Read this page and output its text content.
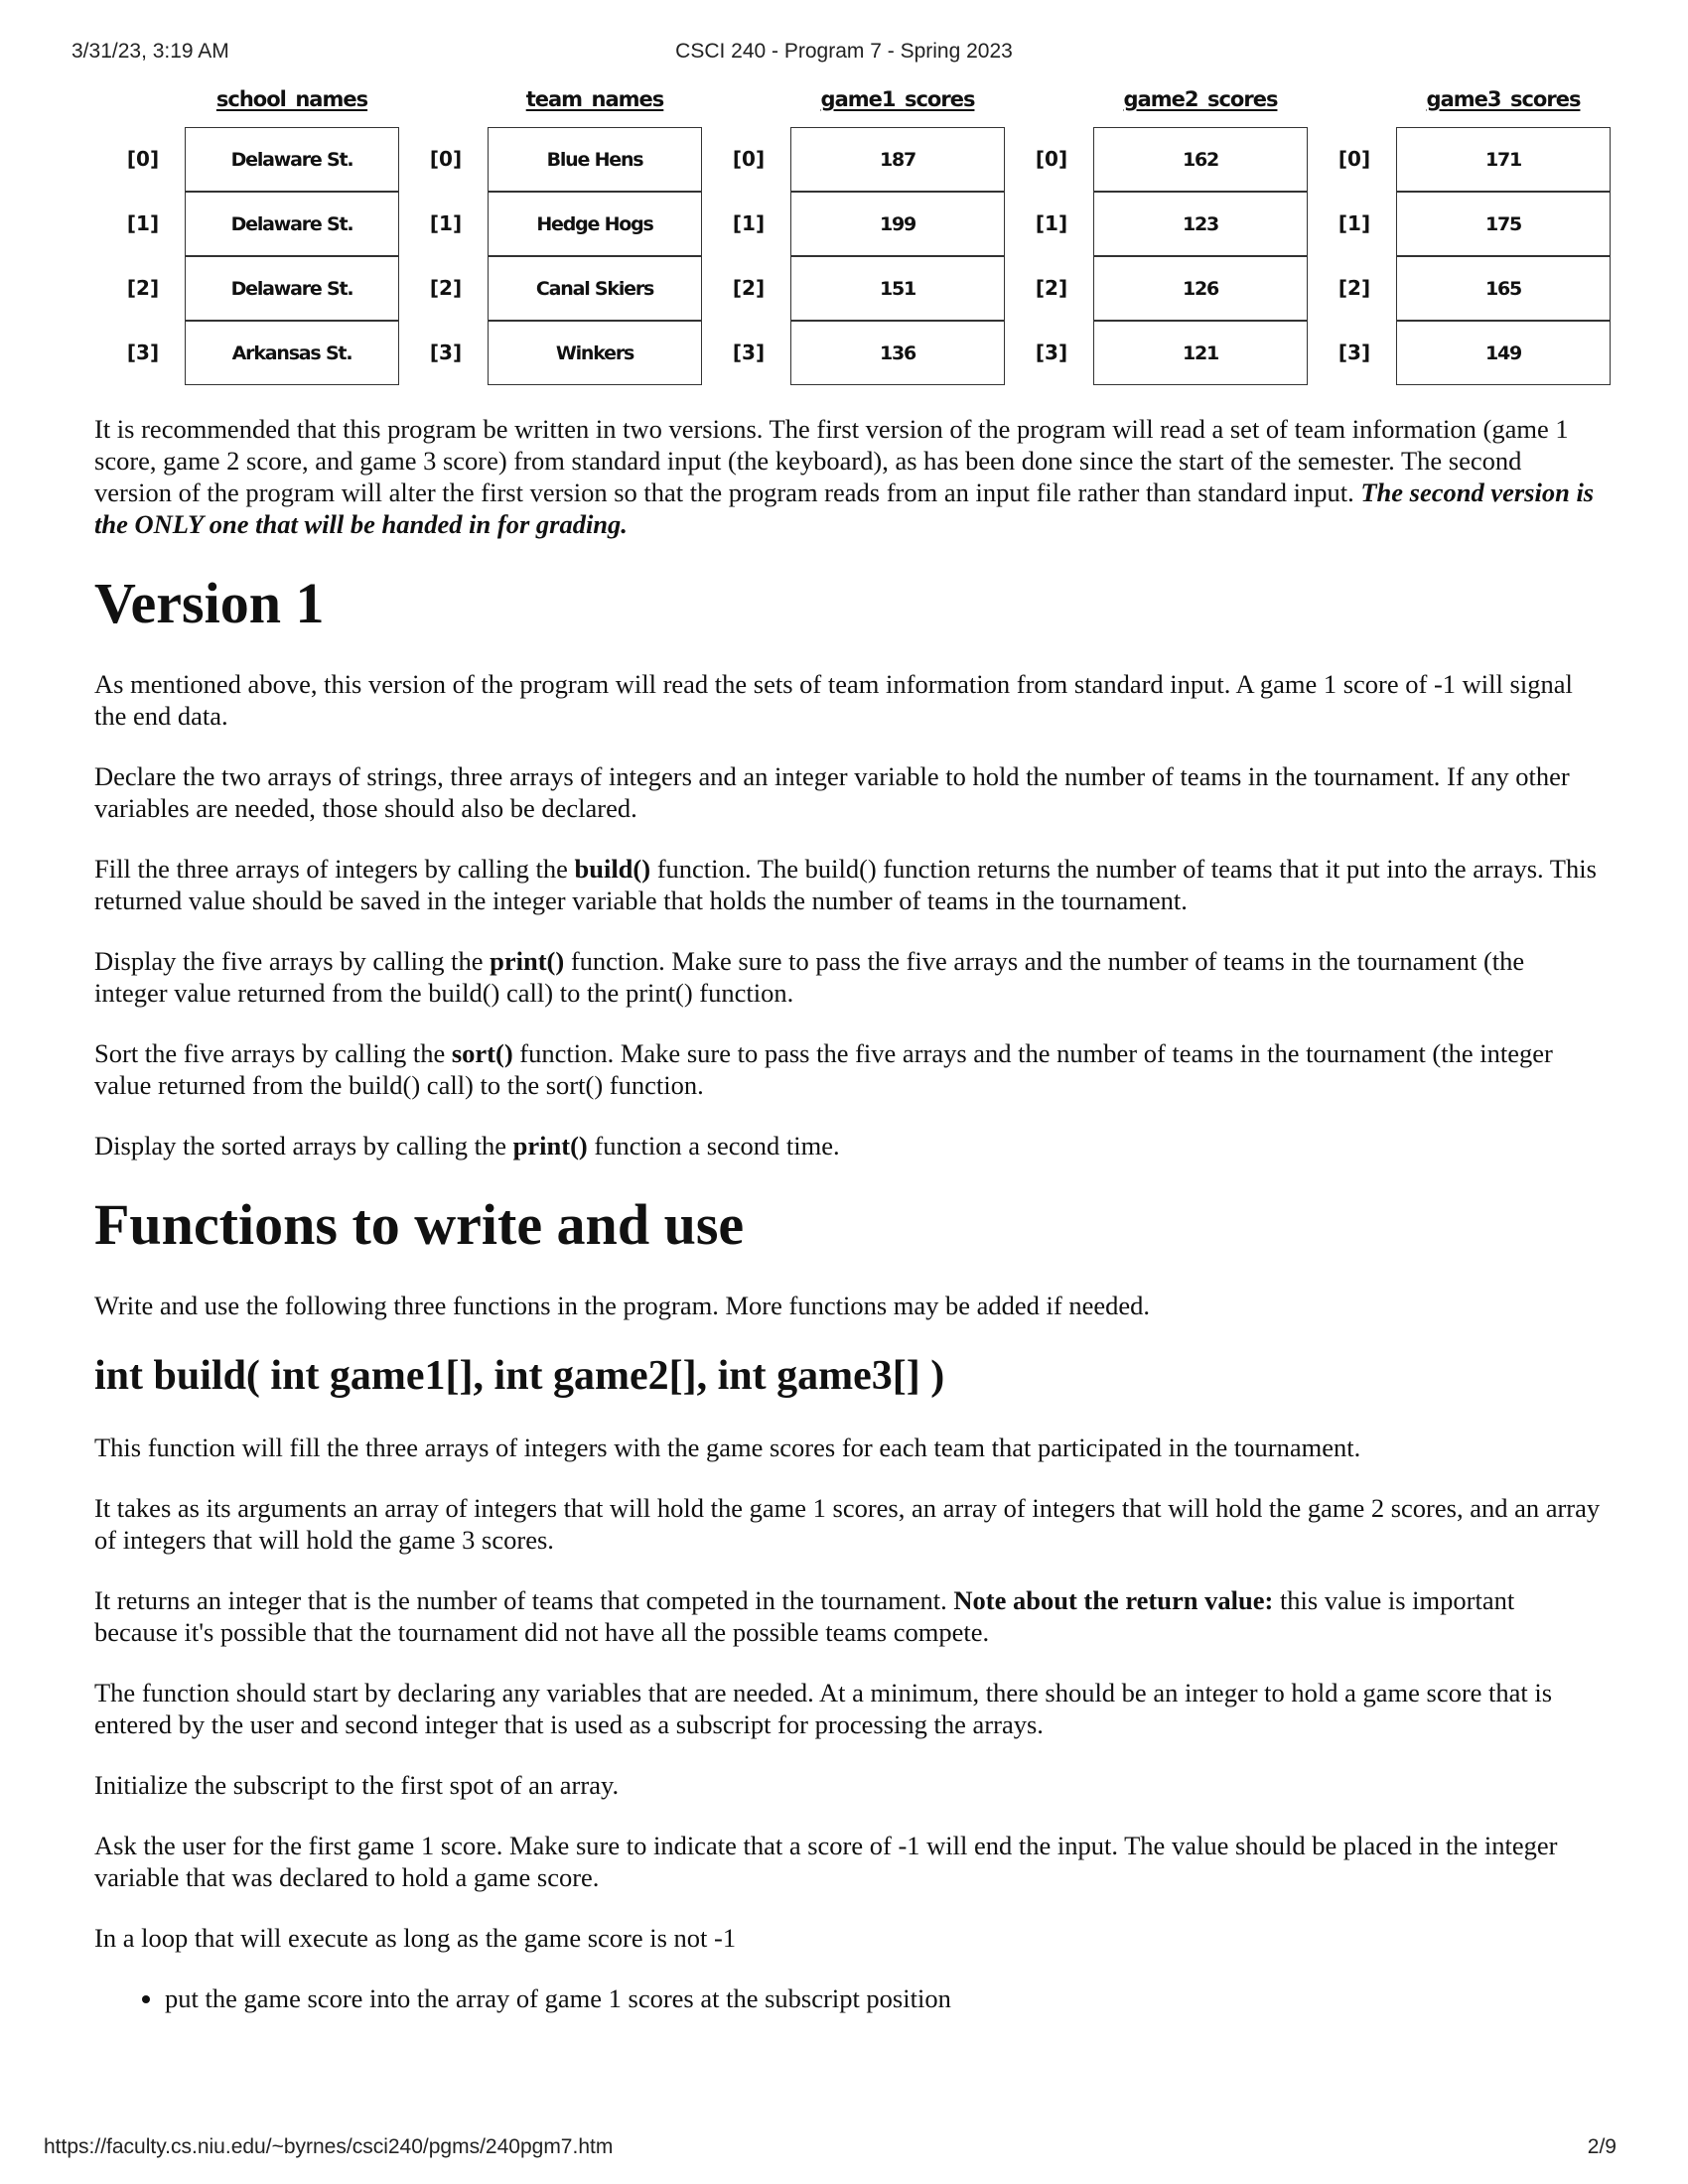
3/31/23, 3:19 AM	CSCI 240 - Program 7 - Spring 2023
school_names
Delaware St.
[0]
Delaware St.
[1]
Delaware St.
[2]
Arkansas St.
[3]
team_names
Blue Hens
[0]
Hedge Hogs
[1]
Canal Skiers
[2]
Winkers
[3]
game1_scores
187
[0]
199
[1]
151
[2]
136
[3]
game2_scores
162
[0]
123
[1]
126
[2]
121
[3]
game3_scores
171
[0]
175
[1]
165
[2]
149
[3]

It is recommended that this program be written in two versions. The first version of the program will read a set of team information (game 1 score, game 2 score, and game 3 score) from standard input (the keyboard), as has been done since the start of the semester. The second version of the program will alter the first version so that the program reads from an input file rather than standard input. The second version is the ONLY one that will be handed in for grading.

Version 1

As mentioned above, this version of the program will read the sets of team information from standard input. A game 1 score of -1 will signal the end data.

Declare the two arrays of strings, three arrays of integers and an integer variable to hold the number of teams in the tournament. If any other variables are needed, those should also be declared.

Fill the three arrays of integers by calling the build() function. The build() function returns the number of teams that it put into the arrays. This returned value should be saved in the integer variable that holds the number of teams in the tournament.

Display the five arrays by calling the print() function. Make sure to pass the five arrays and the number of teams in the tournament (the integer value returned from the build() call) to the print() function.

Sort the five arrays by calling the sort() function. Make sure to pass the five arrays and the number of teams in the tournament (the integer value returned from the build() call) to the sort() function.

Display the sorted arrays by calling the print() function a second time.

Functions to write and use

Write and use the following three functions in the program. More functions may be added if needed.

int build( int game1[], int game2[], int game3[] )

This function will fill the three arrays of integers with the game scores for each team that participated in the tournament.

It takes as its arguments an array of integers that will hold the game 1 scores, an array of integers that will hold the game 2 scores, and an array of integers that will hold the game 3 scores.

It returns an integer that is the number of teams that competed in the tournament. Note about the return value: this value is important because it's possible that the tournament did not have all the possible teams compete.

The function should start by declaring any variables that are needed. At a minimum, there should be an integer to hold a game score that is entered by the user and second integer that is used as a subscript for processing the arrays.

Initialize the subscript to the first spot of an array.

Ask the user for the first game 1 score. Make sure to indicate that a score of -1 will end the input. The value should be placed in the integer variable that was declared to hold a game score.

In a loop that will execute as long as the game score is not -1

• put the game score into the array of game 1 scores at the subscript position
https://faculty.cs.niu.edu/~byrnes/csci240/pgms/240pgm7.htm	2/9
